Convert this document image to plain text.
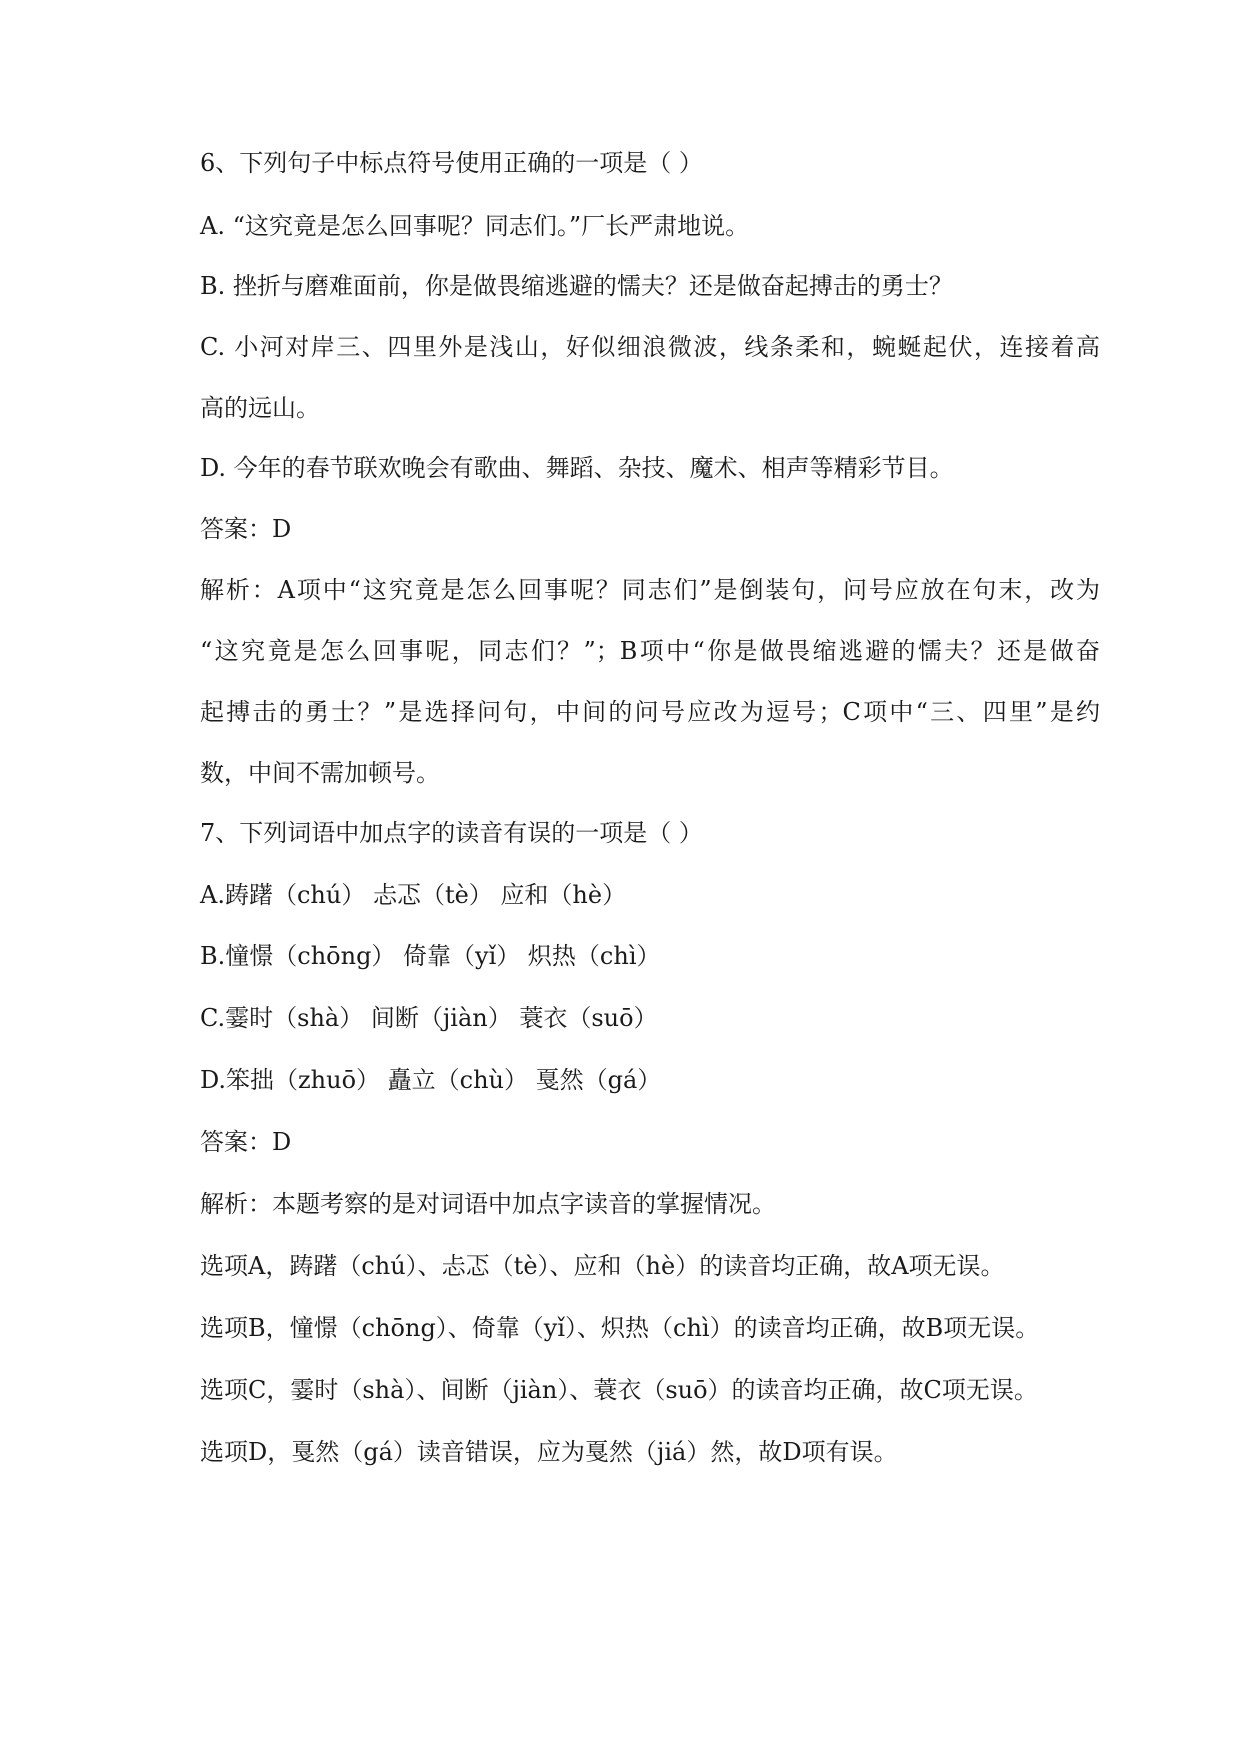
6、下列句子中标点符号使用正确的一项是（ ）
A. “这究竟是怎么回事呢？同志们。”厂长严肃地说。
B. 挫折与磨难面前，你是做畏缩逃避的懦夫？还是做奋起搏击的勇士？
C. 小河对岸三、四里外是浅山，好似细浪微波，线条柔和，蜿蜒起伏，连接着高
高的远山。
D. 今年的春节联欢晚会有歌曲、舞蹈、杂技、魔术、相声等精彩节目。
答案：D
解析：A项中“这究竟是怎么回事呢？同志们”是倒装句，问号应放在句末，改为
“这究竟是怎么回事呢，同志们？”；B项中“你是做畏缩逃避的懦夫？还是做奋
起搏击的勇士？”是选择问句，中间的问号应改为逗号；C项中“三、四里”是约
数，中间不需加顿号。
7、下列词语中加点字的读音有误的一项是（ ）
A.踌躇（chú） 忐忑（tè） 应和（hè）
B.憧憬（chōng） 倚靠（yǐ） 炽热（chì）
C.霎时（shà） 间断（jiàn） 蓑衣（suō）
D.笨拙（zhuō） 矗立（chù） 戛然（gá）
答案：D
解析：本题考察的是对词语中加点字读音的掌握情况。
选项A，踌躇（chú）、忐忑（tè）、应和（hè）的读音均正确，故A项无误。
选项B，憧憬（chōng）、倚靠（yǐ）、炽热（chì）的读音均正确，故B项无误。
选项C，霎时（shà）、间断（jiàn）、蓑衣（suō）的读音均正确，故C项无误。
选项D，戛然（gá）读音错误，应为戛然（jiá）然，故D项有误。
